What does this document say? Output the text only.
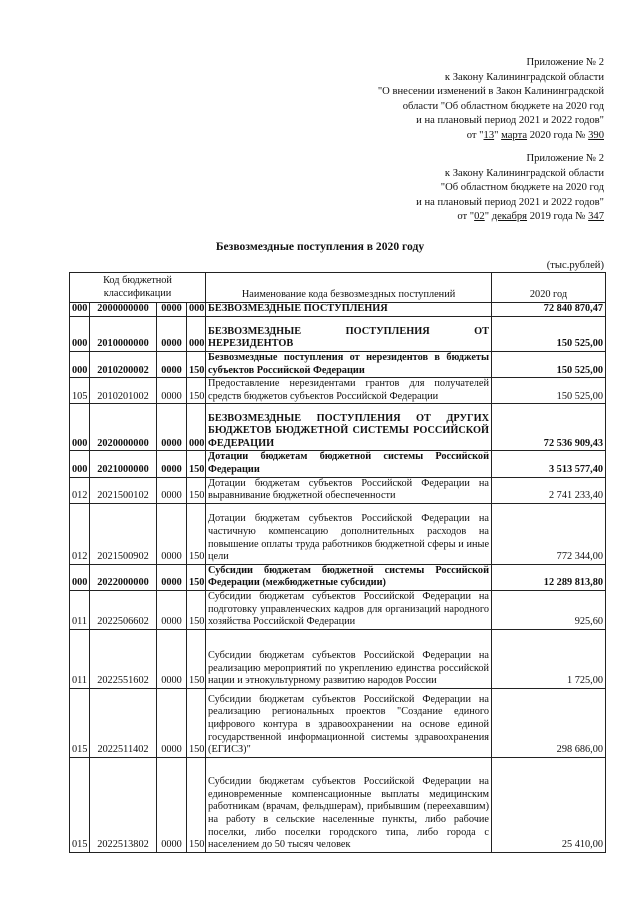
Приложение № 2
к Закону Калининградской области
"О внесении изменений в Закон Калининградской
области "Об областном бюджете на 2020 год
и на плановый период 2021 и 2022 годов"
от "13" марта 2020 года № 390
Приложение № 2
к Закону Калининградской области
"Об областном бюджете на 2020 год
и на плановый период 2021 и 2022 годов"
от "02" декабря 2019 года № 347
Безвозмездные поступления в 2020 году
(тыс.рублей)
Код бюджетной классификации				Наименование кода безвозмездных поступлений	2020 год
000	2000000000	0000	000	БЕЗВОЗМЕЗДНЫЕ ПОСТУПЛЕНИЯ	72 840 870,47
000	2010000000	0000	000	БЕЗВОЗМЕЗДНЫЕ ПОСТУПЛЕНИЯ ОТ НЕРЕЗИДЕНТОВ	150 525,00
000	2010200002	0000	150	Безвозмездные поступления от нерезидентов в бюджеты субъектов Российской Федерации	150 525,00
105	2010201002	0000	150	Предоставление нерезидентами грантов для получателей средств бюджетов субъектов Российской Федерации	150 525,00
000	2020000000	0000	000	БЕЗВОЗМЕЗДНЫЕ ПОСТУПЛЕНИЯ ОТ ДРУГИХ БЮДЖЕТОВ БЮДЖЕТНОЙ СИСТЕМЫ РОССИЙСКОЙ ФЕДЕРАЦИИ	72 536 909,43
000	2021000000	0000	150	Дотации бюджетам бюджетной системы Российской Федерации	3 513 577,40
012	2021500102	0000	150	Дотации бюджетам субъектов Российской Федерации на выравнивание бюджетной обеспеченности	2 741 233,40
012	2021500902	0000	150	Дотации бюджетам субъектов Российской Федерации на частичную компенсацию дополнительных расходов на повышение оплаты труда работников бюджетной сферы и иные цели	772 344,00
000	2022000000	0000	150	Субсидии бюджетам бюджетной системы Российской Федерации (межбюджетные субсидии)	12 289 813,80
011	2022506602	0000	150	Субсидии бюджетам субъектов Российской Федерации на подготовку управленческих кадров для организаций народного хозяйства Российской Федерации	925,60
011	2022551602	0000	150	Субсидии бюджетам субъектов Российской Федерации на реализацию мероприятий по укреплению единства российской нации и этнокультурному развитию народов России	1 725,00
015	2022511402	0000	150	Субсидии бюджетам субъектов Российской Федерации на реализацию региональных проектов "Создание единого цифрового контура в здравоохранении на основе единой государственной информационной системы здравоохранения (ЕГИСЗ)"	298 686,00
015	2022513802	0000	150	Субсидии бюджетам субъектов Российской Федерации на единовременные компенсационные выплаты медицинским работникам (врачам, фельдшерам), прибывшим (переехавшим) на работу в сельские населенные пункты, либо рабочие поселки, либо поселки городского типа, либо города с населением до 50 тысяч человек	25 410,00
